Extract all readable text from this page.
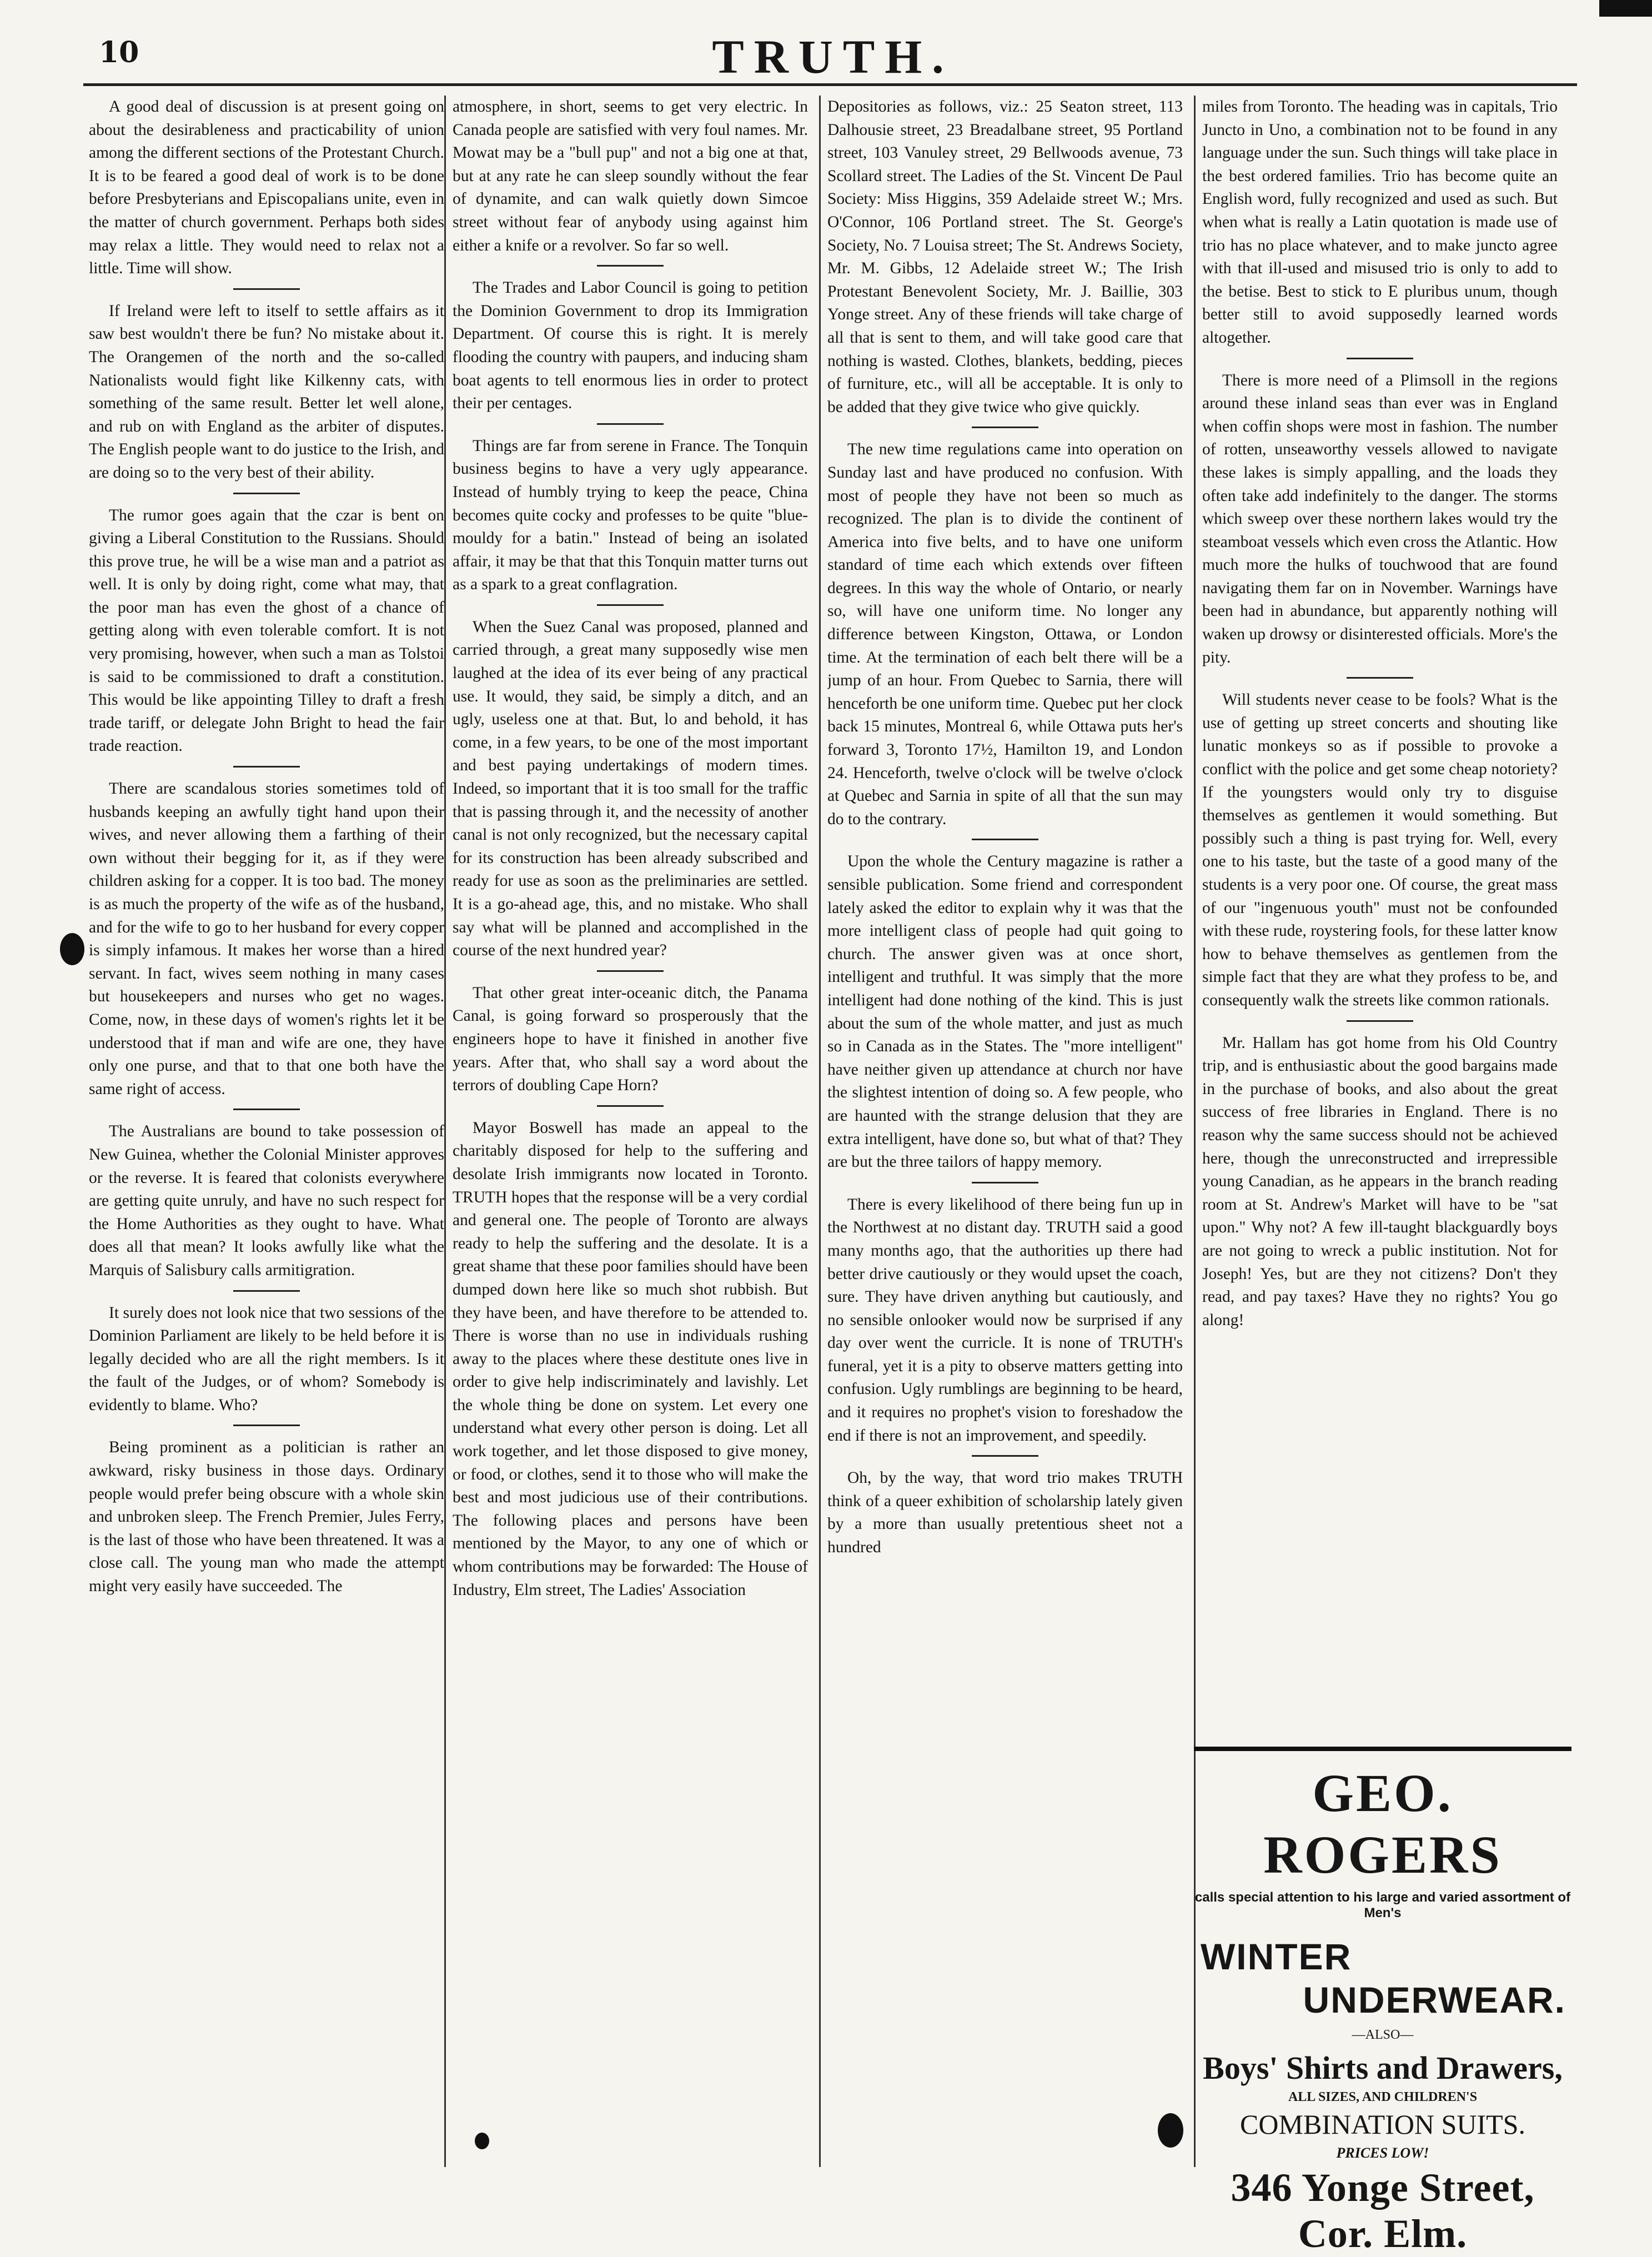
10	TRUTH.

A good deal of discussion is at present going on about the desirableness and practicability of union among the different sections of the Protestant Church. It is to be feared a good deal of work is to be done before Presbyterians and Episcopalians unite, even in the matter of church government. Perhaps both sides may relax a little. They would need to relax not a little. Time will show.

If Ireland were left to itself to settle affairs as it saw best wouldn't there be fun? No mistake about it. The Orangemen of the north and the so-called Nationalists would fight like Kilkenny cats, with something of the same result. Better let well alone, and rub on with England as the arbiter of disputes. The English people want to do justice to the Irish, and are doing so to the very best of their ability.

The rumor goes again that the czar is bent on giving a Liberal Constitution to the Russians. Should this prove true, he will be a wise man and a patriot as well. It is only by doing right, come what may, that the poor man has even the ghost of a chance of getting along with even tolerable comfort. It is not very promising, however, when such a man as Tolstoi is said to be commissioned to draft a constitution. This would be like appointing Tilley to draft a fresh trade tariff, or delegate John Bright to head the fair trade reaction.

There are scandalous stories sometimes told of husbands keeping an awfully tight hand upon their wives, and never allowing them a farthing of their own without their begging for it, as if they were children asking for a copper. It is too bad. The money is as much the property of the wife as of the husband, and for the wife to go to her husband for every copper is simply infamous. It makes her worse than a hired servant. In fact, wives seem nothing in many cases but housekeepers and nurses who get no wages. Come, now, in these days of women's rights let it be understood that if man and wife are one, they have only one purse, and that to that one both have the same right of access.

The Australians are bound to take possession of New Guinea, whether the Colonial Minister approves or the reverse. It is feared that colonists everywhere are getting quite unruly, and have no such respect for the Home Authorities as they ought to have. What does all that mean? It looks awfully like what the Marquis of Salisbury calls armitigration.

It surely does not look nice that two sessions of the Dominion Parliament are likely to be held before it is legally decided who are all the right members. Is it the fault of the Judges, or of whom? Somebody is evidently to blame. Who?

Being prominent as a politician is rather an awkward, risky business in those days. Ordinary people would prefer being obscure with a whole skin and unbroken sleep. The French Premier, Jules Ferry, is the last of those who have been threatened. It was a close call. The young man who made the attempt might very easily have succeeded. The

atmosphere, in short, seems to get very electric. In Canada people are satisfied with very foul names. Mr. Mowat may be a "bull pup" and not a big one at that, but at any rate he can sleep soundly without the fear of dynamite, and can walk quietly down Simcoe street without fear of anybody using against him either a knife or a revolver. So far so well.

The Trades and Labor Council is going to petition the Dominion Government to drop its Immigration Department. Of course this is right. It is merely flooding the country with paupers, and inducing sham boat agents to tell enormous lies in order to protect their per centages.

Things are far from serene in France. The Tonquin business begins to have a very ugly appearance. Instead of humbly trying to keep the peace, China becomes quite cocky and professes to be quite "blue-mouldy for a batin." Instead of being an isolated affair, it may be that that this Tonquin matter turns out as a spark to a great conflagration.

When the Suez Canal was proposed, planned and carried through, a great many supposedly wise men laughed at the idea of its ever being of any practical use. It would, they said, be simply a ditch, and an ugly, useless one at that. But, lo and behold, it has come, in a few years, to be one of the most important and best paying undertakings of modern times. Indeed, so important that it is too small for the traffic that is passing through it, and the necessity of another canal is not only recognized, but the necessary capital for its construction has been already subscribed and ready for use as soon as the preliminaries are settled. It is a go-ahead age, this, and no mistake. Who shall say what will be planned and accomplished in the course of the next hundred year?

That other great inter-oceanic ditch, the Panama Canal, is going forward so prosperously that the engineers hope to have it finished in another five years. After that, who shall say a word about the terrors of doubling Cape Horn?

Mayor Boswell has made an appeal to the charitably disposed for help to the suffering and desolate Irish immigrants now located in Toronto. TRUTH hopes that the response will be a very cordial and general one. The people of Toronto are always ready to help the suffering and the desolate. It is a great shame that these poor families should have been dumped down here like so much shot rubbish. But they have been, and have therefore to be attended to. There is worse than no use in individuals rushing away to the places where these destitute ones live in order to give help indiscriminately and lavishly. Let the whole thing be done on system. Let every one understand what every other person is doing. Let all work together, and let those disposed to give money, or food, or clothes, send it to those who will make the best and most judicious use of their contributions. The following places and persons have been mentioned by the Mayor, to any one of which or whom contributions may be forwarded: The House of Industry, Elm street, The Ladies' Association

Depositories as follows, viz.: 25 Seaton street, 113 Dalhousie street, 23 Breadalbane street, 95 Portland street, 103 Vanuley street, 29 Bellwoods avenue, 73 Scollard street. The Ladies of the St. Vincent De Paul Society: Miss Higgins, 359 Adelaide street W.; Mrs. O'Connor, 106 Portland street. The St. George's Society, No. 7 Louisa street; The St. Andrews Society, Mr. M. Gibbs, 12 Adelaide street W.; The Irish Protestant Benevolent Society, Mr. J. Baillie, 303 Yonge street. Any of these friends will take charge of all that is sent to them, and will take good care that nothing is wasted. Clothes, blankets, bedding, pieces of furniture, etc., will all be acceptable. It is only to be added that they give twice who give quickly.

The new time regulations came into operation on Sunday last and have produced no confusion. With most of people they have not been so much as recognized. The plan is to divide the continent of America into five belts, and to have one uniform standard of time each which extends over fifteen degrees. In this way the whole of Ontario, or nearly so, will have one uniform time. No longer any difference between Kingston, Ottawa, or London time. At the termination of each belt there will be a jump of an hour. From Quebec to Sarnia, there will henceforth be one uniform time. Quebec put her clock back 15 minutes, Montreal 6, while Ottawa puts her's forward 3, Toronto 17½, Hamilton 19, and London 24. Henceforth, twelve o'clock will be twelve o'clock at Quebec and Sarnia in spite of all that the sun may do to the contrary.

Upon the whole the Century magazine is rather a sensible publication. Some friend and correspondent lately asked the editor to explain why it was that the more intelligent class of people had quit going to church. The answer given was at once short, intelligent and truthful. It was simply that the more intelligent had done nothing of the kind. This is just about the sum of the whole matter, and just as much so in Canada as in the States. The "more intelligent" have neither given up attendance at church nor have the slightest intention of doing so. A few people, who are haunted with the strange delusion that they are extra intelligent, have done so, but what of that? They are but the three tailors of happy memory.

There is every likelihood of there being fun up in the Northwest at no distant day. TRUTH said a good many months ago, that the authorities up there had better drive cautiously or they would upset the coach, sure. They have driven anything but cautiously, and no sensible onlooker would now be surprised if any day over went the curricle. It is none of TRUTH's funeral, yet it is a pity to observe matters getting into confusion. Ugly rumblings are beginning to be heard, and it requires no prophet's vision to foreshadow the end if there is not an improvement, and speedily.

Oh, by the way, that word trio makes TRUTH think of a queer exhibition of scholarship lately given by a more than usually pretentious sheet not a hundred

miles from Toronto. The heading was in capitals, Trio Juncto in Uno, a combination not to be found in any language under the sun. Such things will take place in the best ordered families. Trio has become quite an English word, fully recognized and used as such. But when what is really a Latin quotation is made use of trio has no place whatever, and to make juncto agree with that ill-used and misused trio is only to add to the betise. Best to stick to E pluribus unum, though better still to avoid supposedly learned words altogether.

There is more need of a Plimsoll in the regions around these inland seas than ever was in England when coffin shops were most in fashion. The number of rotten, unseaworthy vessels allowed to navigate these lakes is simply appalling, and the loads they often take add indefinitely to the danger. The storms which sweep over these northern lakes would try the steamboat vessels which even cross the Atlantic. How much more the hulks of touchwood that are found navigating them far on in November. Warnings have been had in abundance, but apparently nothing will waken up drowsy or disinterested officials. More's the pity.

Will students never cease to be fools? What is the use of getting up street concerts and shouting like lunatic monkeys so as if possible to provoke a conflict with the police and get some cheap notoriety? If the youngsters would only try to disguise themselves as gentlemen it would something. But possibly such a thing is past trying for. Well, every one to his taste, but the taste of a good many of the students is a very poor one. Of course, the great mass of our "ingenuous youth" must not be confounded with these rude, roystering fools, for these latter know how to behave themselves as gentlemen from the simple fact that they are what they profess to be, and consequently walk the streets like common rationals.

Mr. Hallam has got home from his Old Country trip, and is enthusiastic about the good bargains made in the purchase of books, and also about the great success of free libraries in England. There is no reason why the same success should not be achieved here, though the unreconstructed and irrepressible young Canadian, as he appears in the branch reading room at St. Andrew's Market will have to be "sat upon." Why not? A few ill-taught blackguardly boys are not going to wreck a public institution. Not for Joseph! Yes, but are they not citizens? Don't they read, and pay taxes? Have they no rights? You go along!

GEO. ROGERS
calls special attention to his large and varied assortment of Men's
WINTER
UNDERWEAR.
—ALSO—
Boys' Shirts and Drawers,
ALL SIZES, AND CHILDREN'S
COMBINATION SUITS.
PRICES LOW!
346 Yonge Street, Cor. Elm.
